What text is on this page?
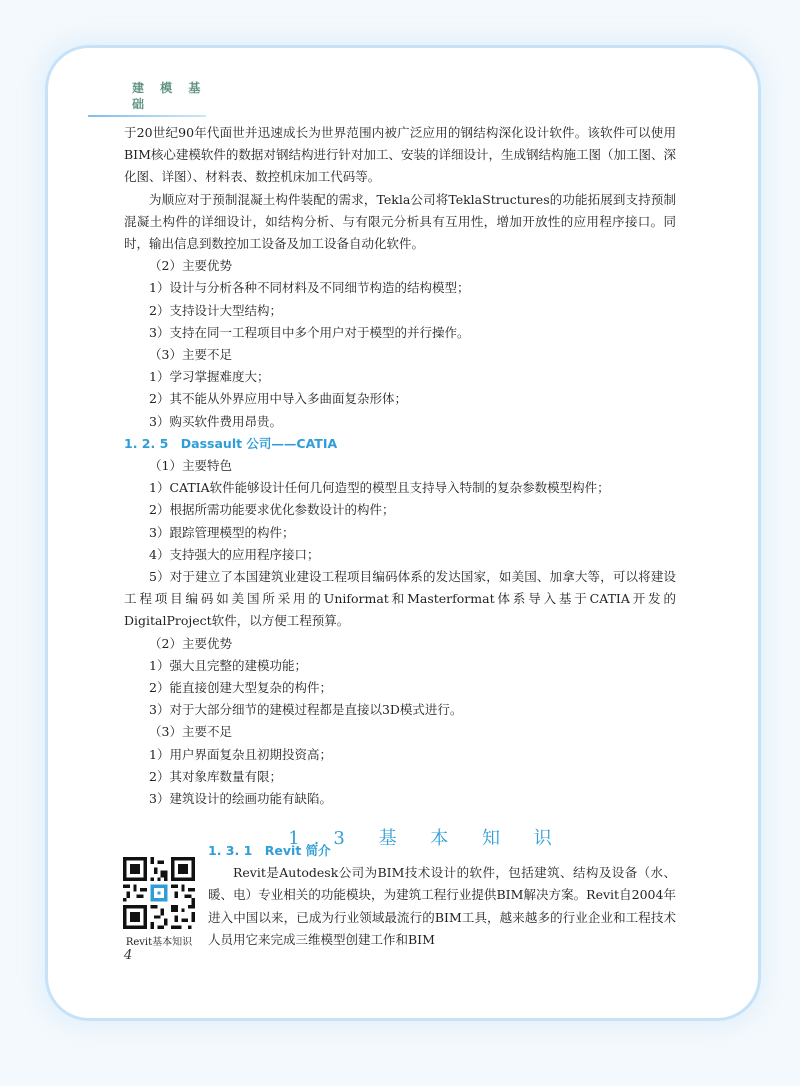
建 模 基 础

于20世纪90年代面世并迅速成长为世界范围内被广泛应用的钢结构深化设计软件。该软件可以使用BIM核心建模软件的数据对钢结构进行针对加工、安装的详细设计，生成钢结构施工图（加工图、深化图、详图）、材料表、数控机床加工代码等。

为顺应对于预制混凝土构件装配的需求，Tekla公司将TeklaStructures的功能拓展到支持预制混凝土构件的详细设计，如结构分析、与有限元分析具有互用性，增加开放性的应用程序接口。同时，输出信息到数控加工设备及加工设备自动化软件。

（2）主要优势

1）设计与分析各种不同材料及不同细节构造的结构模型；

2）支持设计大型结构；

3）支持在同一工程项目中多个用户对于模型的并行操作。

（3）主要不足

1）学习掌握难度大；

2）其不能从外界应用中导入多曲面复杂形体；

3）购买软件费用昂贵。

1. 2. 5　Dassault 公司——CATIA

（1）主要特色

1）CATIA软件能够设计任何几何造型的模型且支持导入特制的复杂参数模型构件；

2）根据所需功能要求优化参数设计的构件；

3）跟踪管理模型的构件；

4）支持强大的应用程序接口；

5）对于建立了本国建筑业建设工程项目编码体系的发达国家，如美国、加拿大等，可以将建设工程项目编码如美国所采用的Uniformat和Masterformat体系导入基于CATIA开发的DigitalProject软件，以方便工程预算。

（2）主要优势

1）强大且完整的建模功能；

2）能直接创建大型复杂的构件；

3）对于大部分细节的建模过程都是直接以3D模式进行。

（3）主要不足

1）用户界面复杂且初期投资高；

2）其对象库数量有限；

3）建筑设计的绘画功能有缺陷。

1.3 基 本 知 识

1. 3. 1　Revit 简介

Revit是Autodesk公司为BIM技术设计的软件，包括建筑、结构及设备（水、暖、电）专业相关的功能模块，为建筑工程行业提供BIM解决方案。Revit自2004年进入中国以来，已成为行业领域最流行的BIM工具，越来越多的行业企业和工程技术人员用它来完成三维模型创建工作和BIM

Revit基本知识
4
